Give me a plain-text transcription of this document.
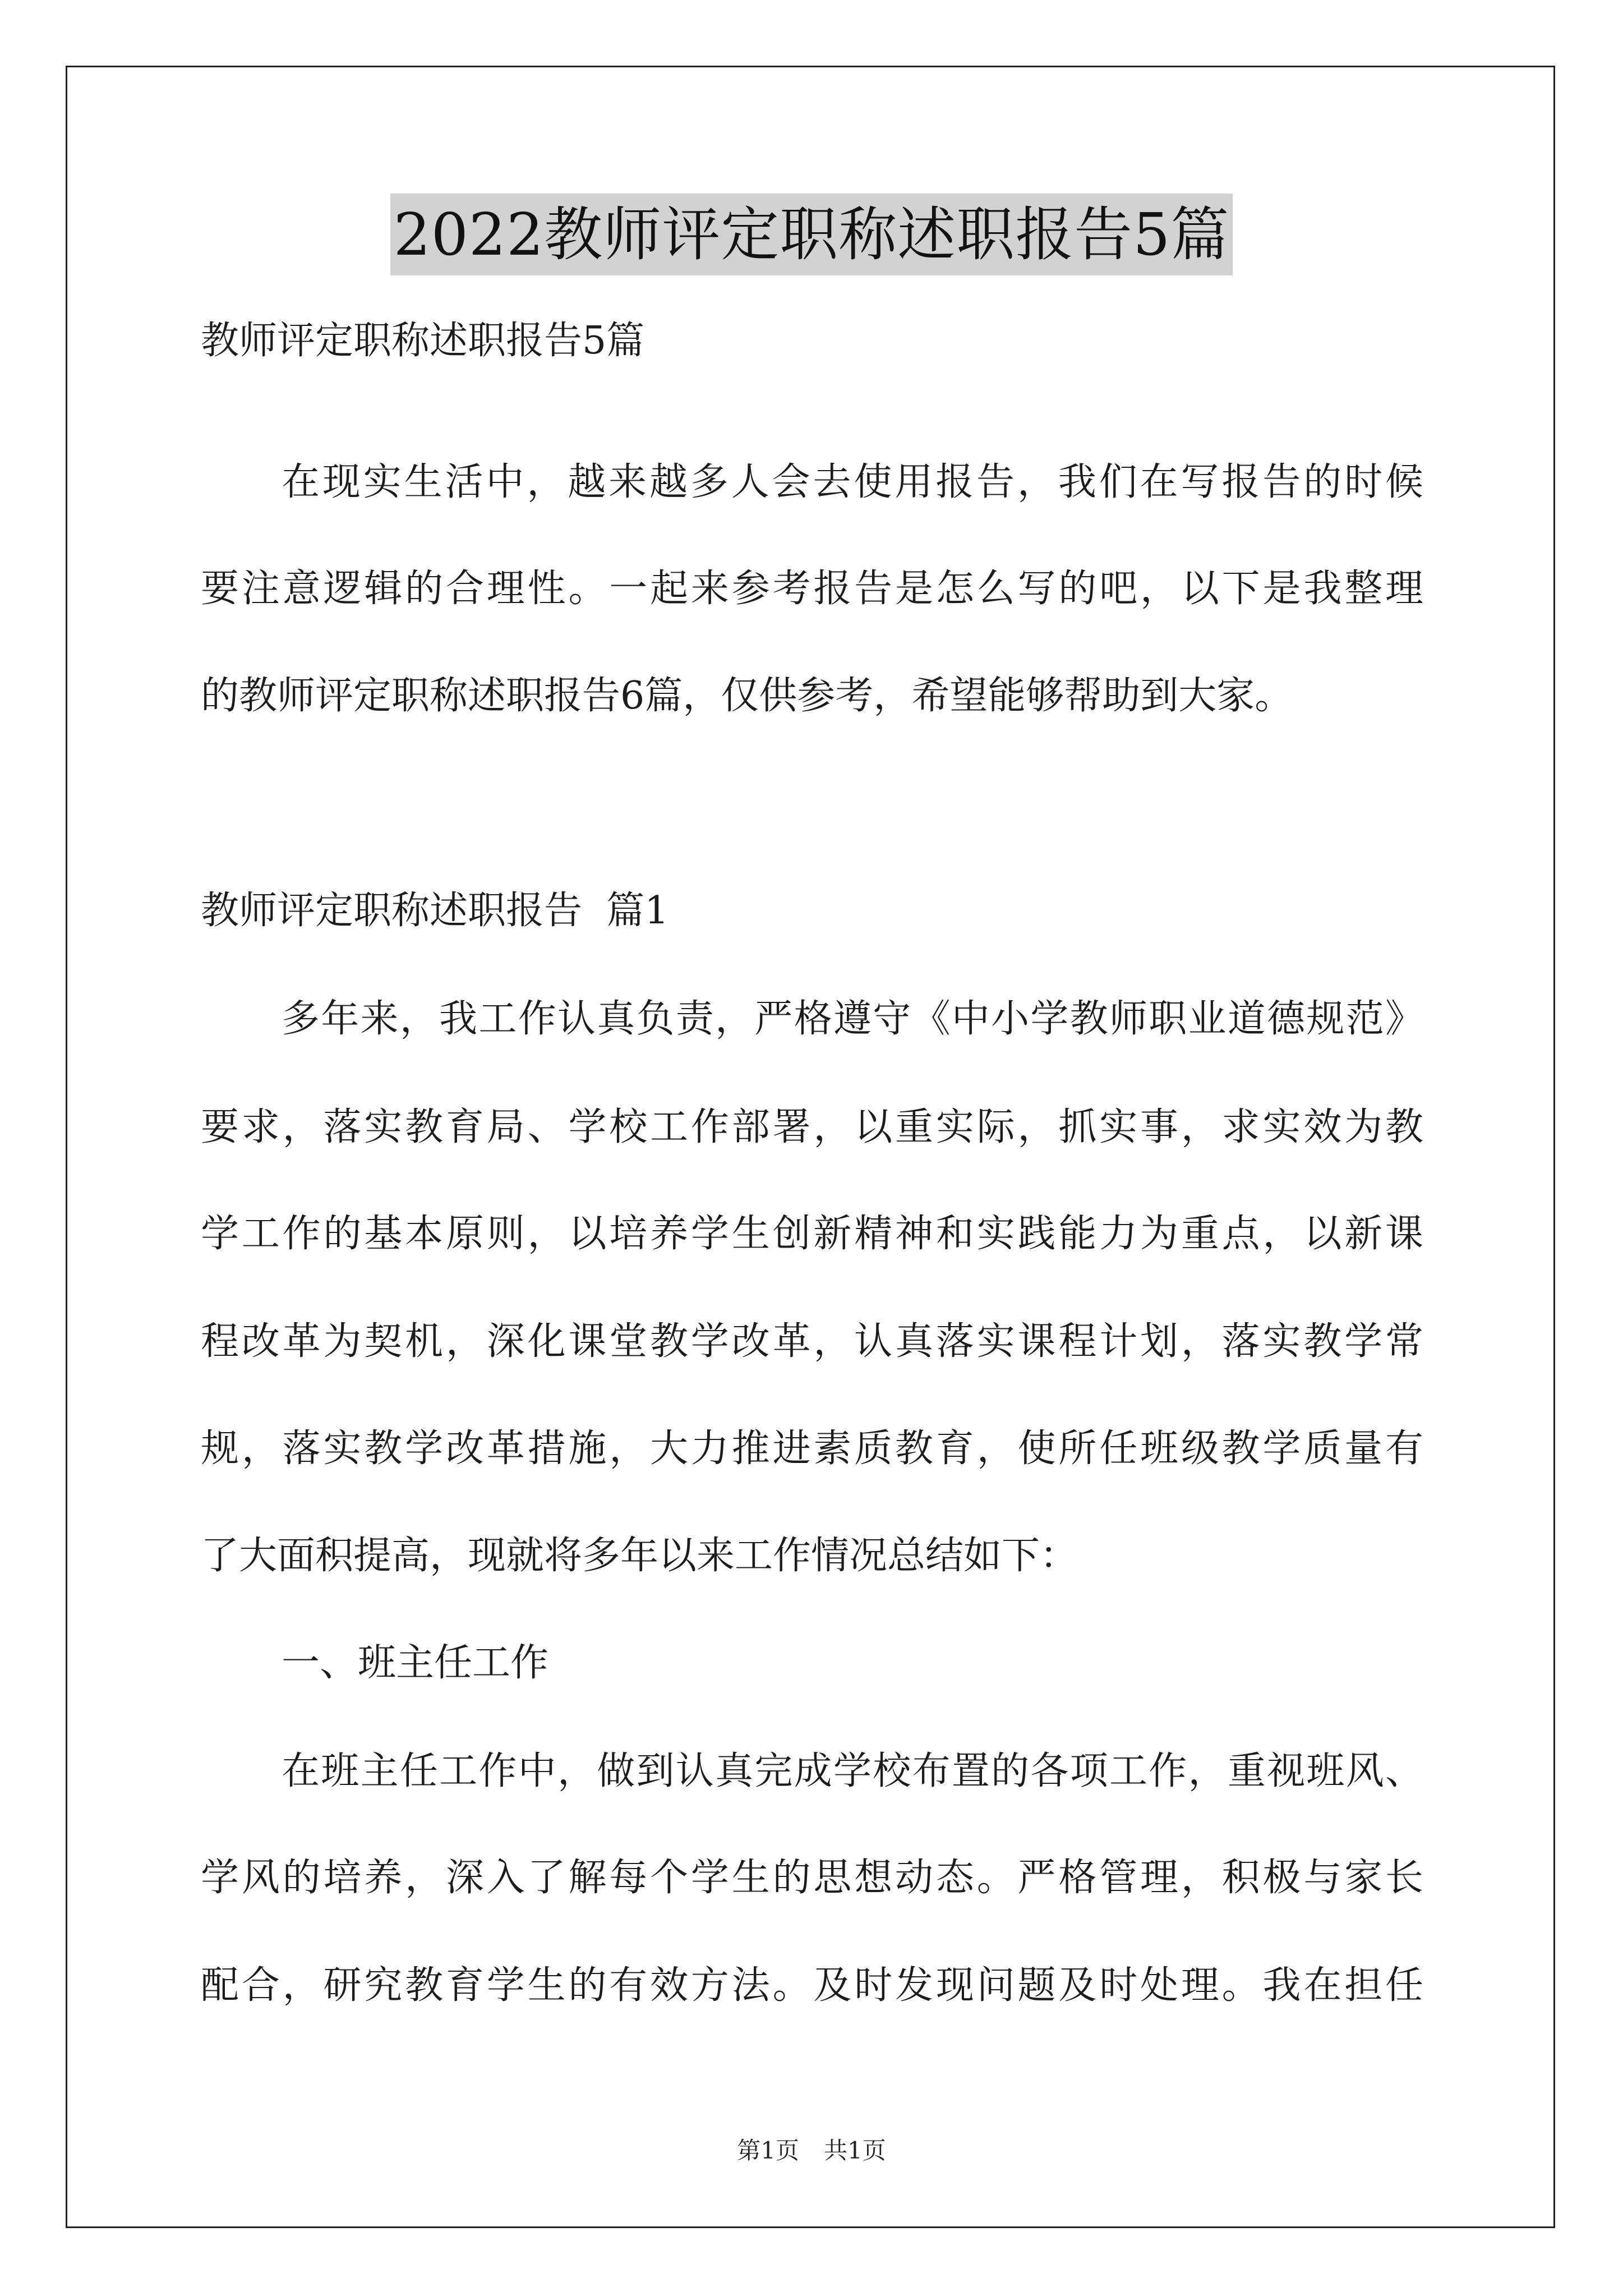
2022教师评定职称述职报告5篇
教师评定职称述职报告5篇
在现实生活中，越来越多人会去使用报告，我们在写报告的时候
要注意逻辑的合理性。一起来参考报告是怎么写的吧，以下是我整理
的教师评定职称述职报告6篇，仅供参考，希望能够帮助到大家。
教师评定职称述职报告  篇1
多年来，我工作认真负责，严格遵守《中小学教师职业道德规范》
要求，落实教育局、学校工作部署，以重实际，抓实事，求实效为教
学工作的基本原则，以培养学生创新精神和实践能力为重点，以新课
程改革为契机，深化课堂教学改革，认真落实课程计划，落实教学常
规，落实教学改革措施，大力推进素质教育，使所任班级教学质量有
了大面积提高，现就将多年以来工作情况总结如下：
一、班主任工作
在班主任工作中，做到认真完成学校布置的各项工作，重视班风、
学风的培养，深入了解每个学生的思想动态。严格管理，积极与家长
配合，研究教育学生的有效方法。及时发现问题及时处理。我在担任
第1页 共1页
